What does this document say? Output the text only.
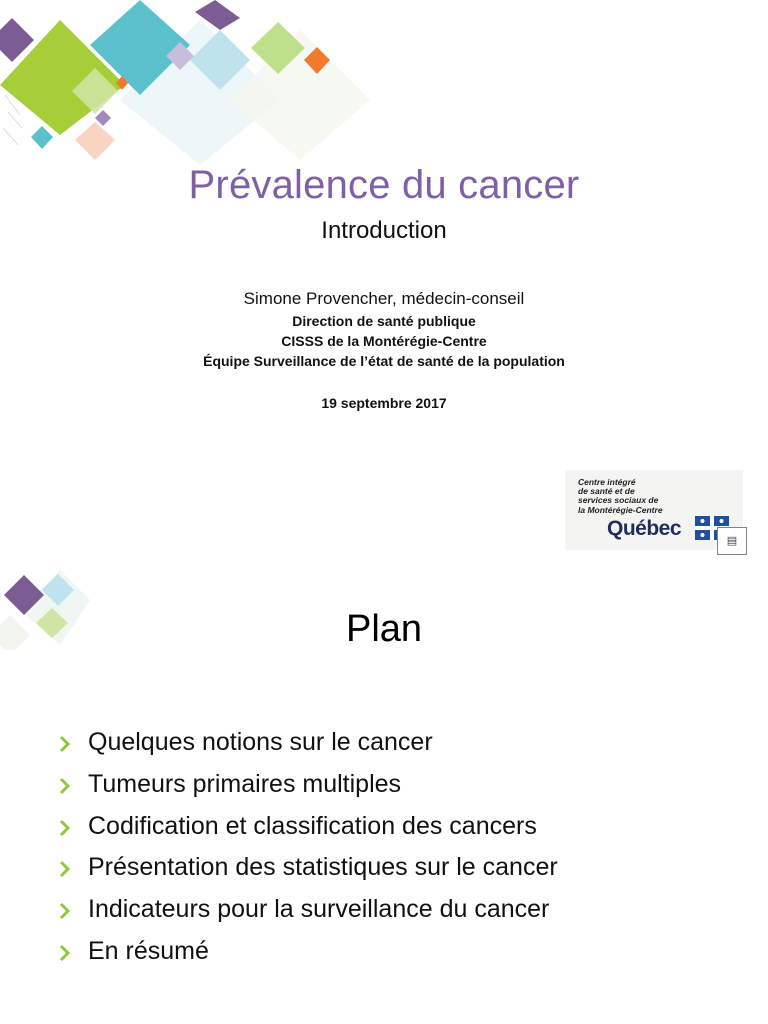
Prévalence du cancer
Introduction
Simone Provencher, médecin-conseil
Direction de santé publique
CISSS de la Montérégie-Centre
Équipe Surveillance de l’état de santé de la population
19 septembre 2017
Centre intégré
de santé et de
services sociaux de
la Montérégie-Centre
Québec
▤
Plan
Quelques notions sur le cancer
Tumeurs primaires multiples
Codification et classification des cancers
Présentation des statistiques sur le cancer
Indicateurs pour la surveillance du cancer
En résumé
